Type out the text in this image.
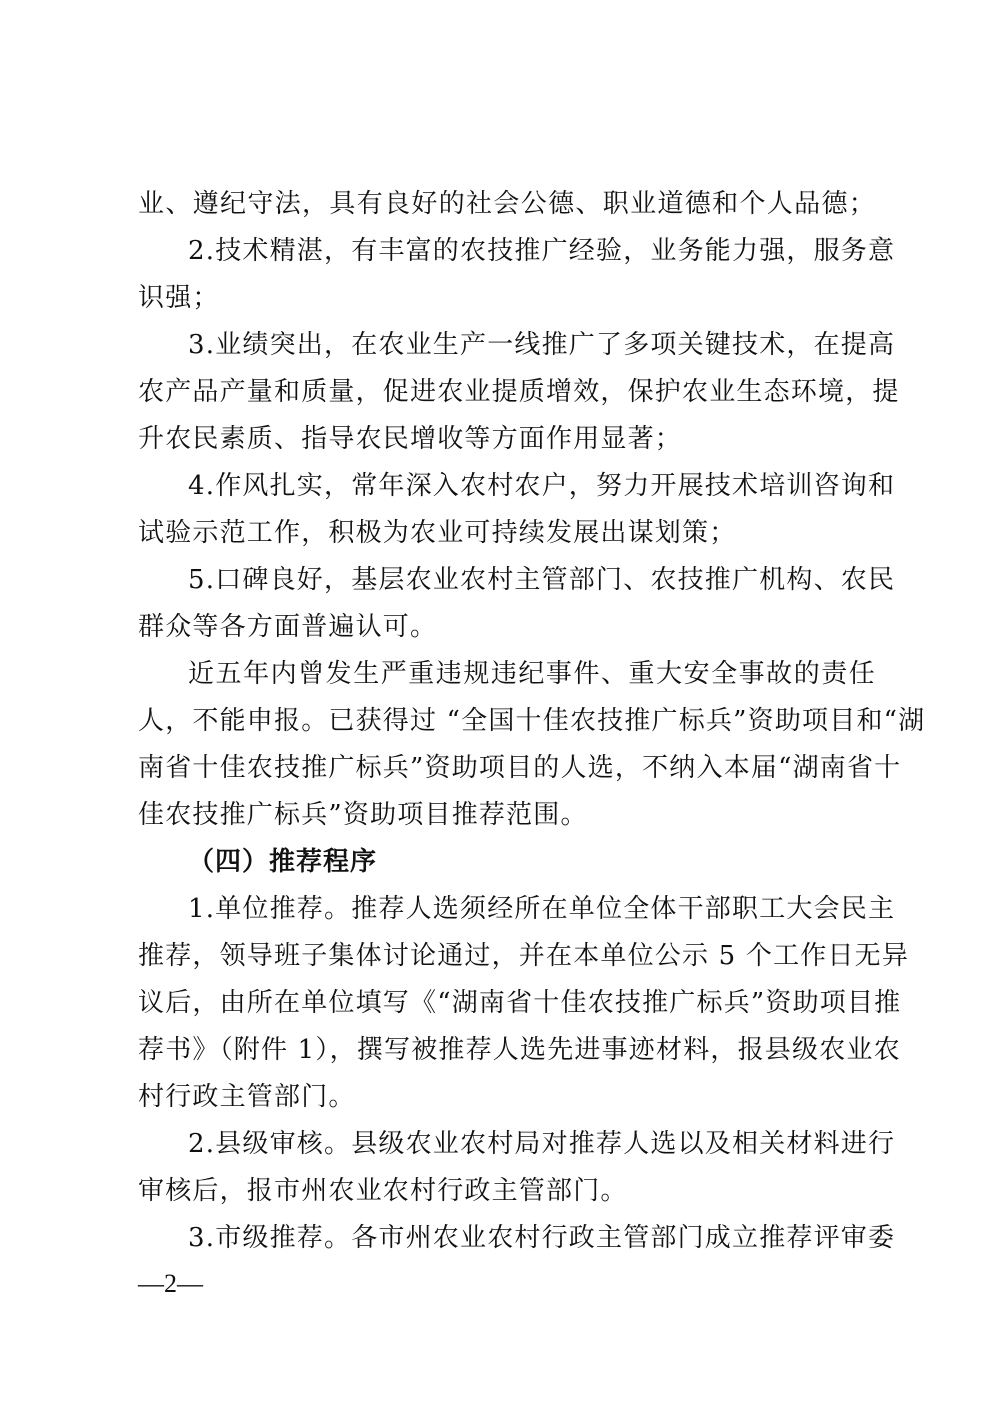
业、遵纪守法，具有良好的社会公德、职业道德和个人品德；
2.技术精湛，有丰富的农技推广经验，业务能力强，服务意
识强；
3.业绩突出，在农业生产一线推广了多项关键技术，在提高
农产品产量和质量，促进农业提质增效，保护农业生态环境，提
升农民素质、指导农民增收等方面作用显著；
4.作风扎实，常年深入农村农户，努力开展技术培训咨询和
试验示范工作，积极为农业可持续发展出谋划策；
5.口碑良好，基层农业农村主管部门、农技推广机构、农民
群众等各方面普遍认可。
近五年内曾发生严重违规违纪事件、重大安全事故的责任
人，不能申报。已获得过 “全国十佳农技推广标兵”资助项目和“湖
南省十佳农技推广标兵”资助项目的人选，不纳入本届“湖南省十
佳农技推广标兵”资助项目推荐范围。
（四）推荐程序
1.单位推荐。推荐人选须经所在单位全体干部职工大会民主
推荐，领导班子集体讨论通过，并在本单位公示 5 个工作日无异
议后，由所在单位填写《“湖南省十佳农技推广标兵”资助项目推
荐书》（附件 1），撰写被推荐人选先进事迹材料，报县级农业农
村行政主管部门。
2.县级审核。县级农业农村局对推荐人选以及相关材料进行
审核后，报市州农业农村行政主管部门。
3.市级推荐。各市州农业农村行政主管部门成立推荐评审委
—2—
